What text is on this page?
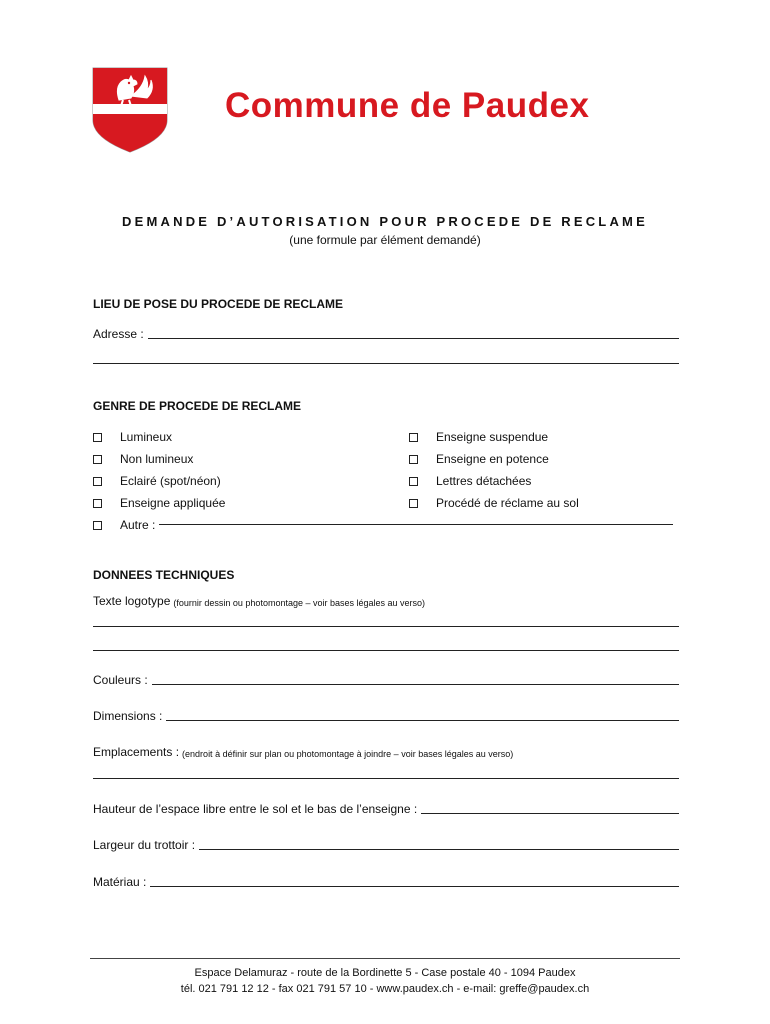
Commune de Paudex
DEMANDE D’AUTORISATION POUR PROCEDE DE RECLAME
(une formule par élément demandé)
LIEU DE POSE DU PROCEDE DE RECLAME
Adresse :
GENRE DE PROCEDE DE RECLAME
Lumineux
Non lumineux
Eclairé (spot/néon)
Enseigne appliquée
Enseigne suspendue
Enseigne en potence
Lettres détachées
Procédé de réclame au sol
Autre :
DONNEES TECHNIQUES
Texte logotype (fournir dessin ou photomontage – voir bases légales au verso)
Couleurs :
Dimensions :
Emplacements : (endroit à définir sur plan ou photomontage à joindre – voir bases légales au verso)
Hauteur de l’espace libre entre le sol et le bas de l’enseigne :
Largeur du trottoir :
Matériau :
Espace Delamuraz - route de la Bordinette 5 - Case postale 40 - 1094 Paudex
tél. 021 791 12 12 - fax 021 791 57 10 - www.paudex.ch - e-mail: greffe@paudex.ch
